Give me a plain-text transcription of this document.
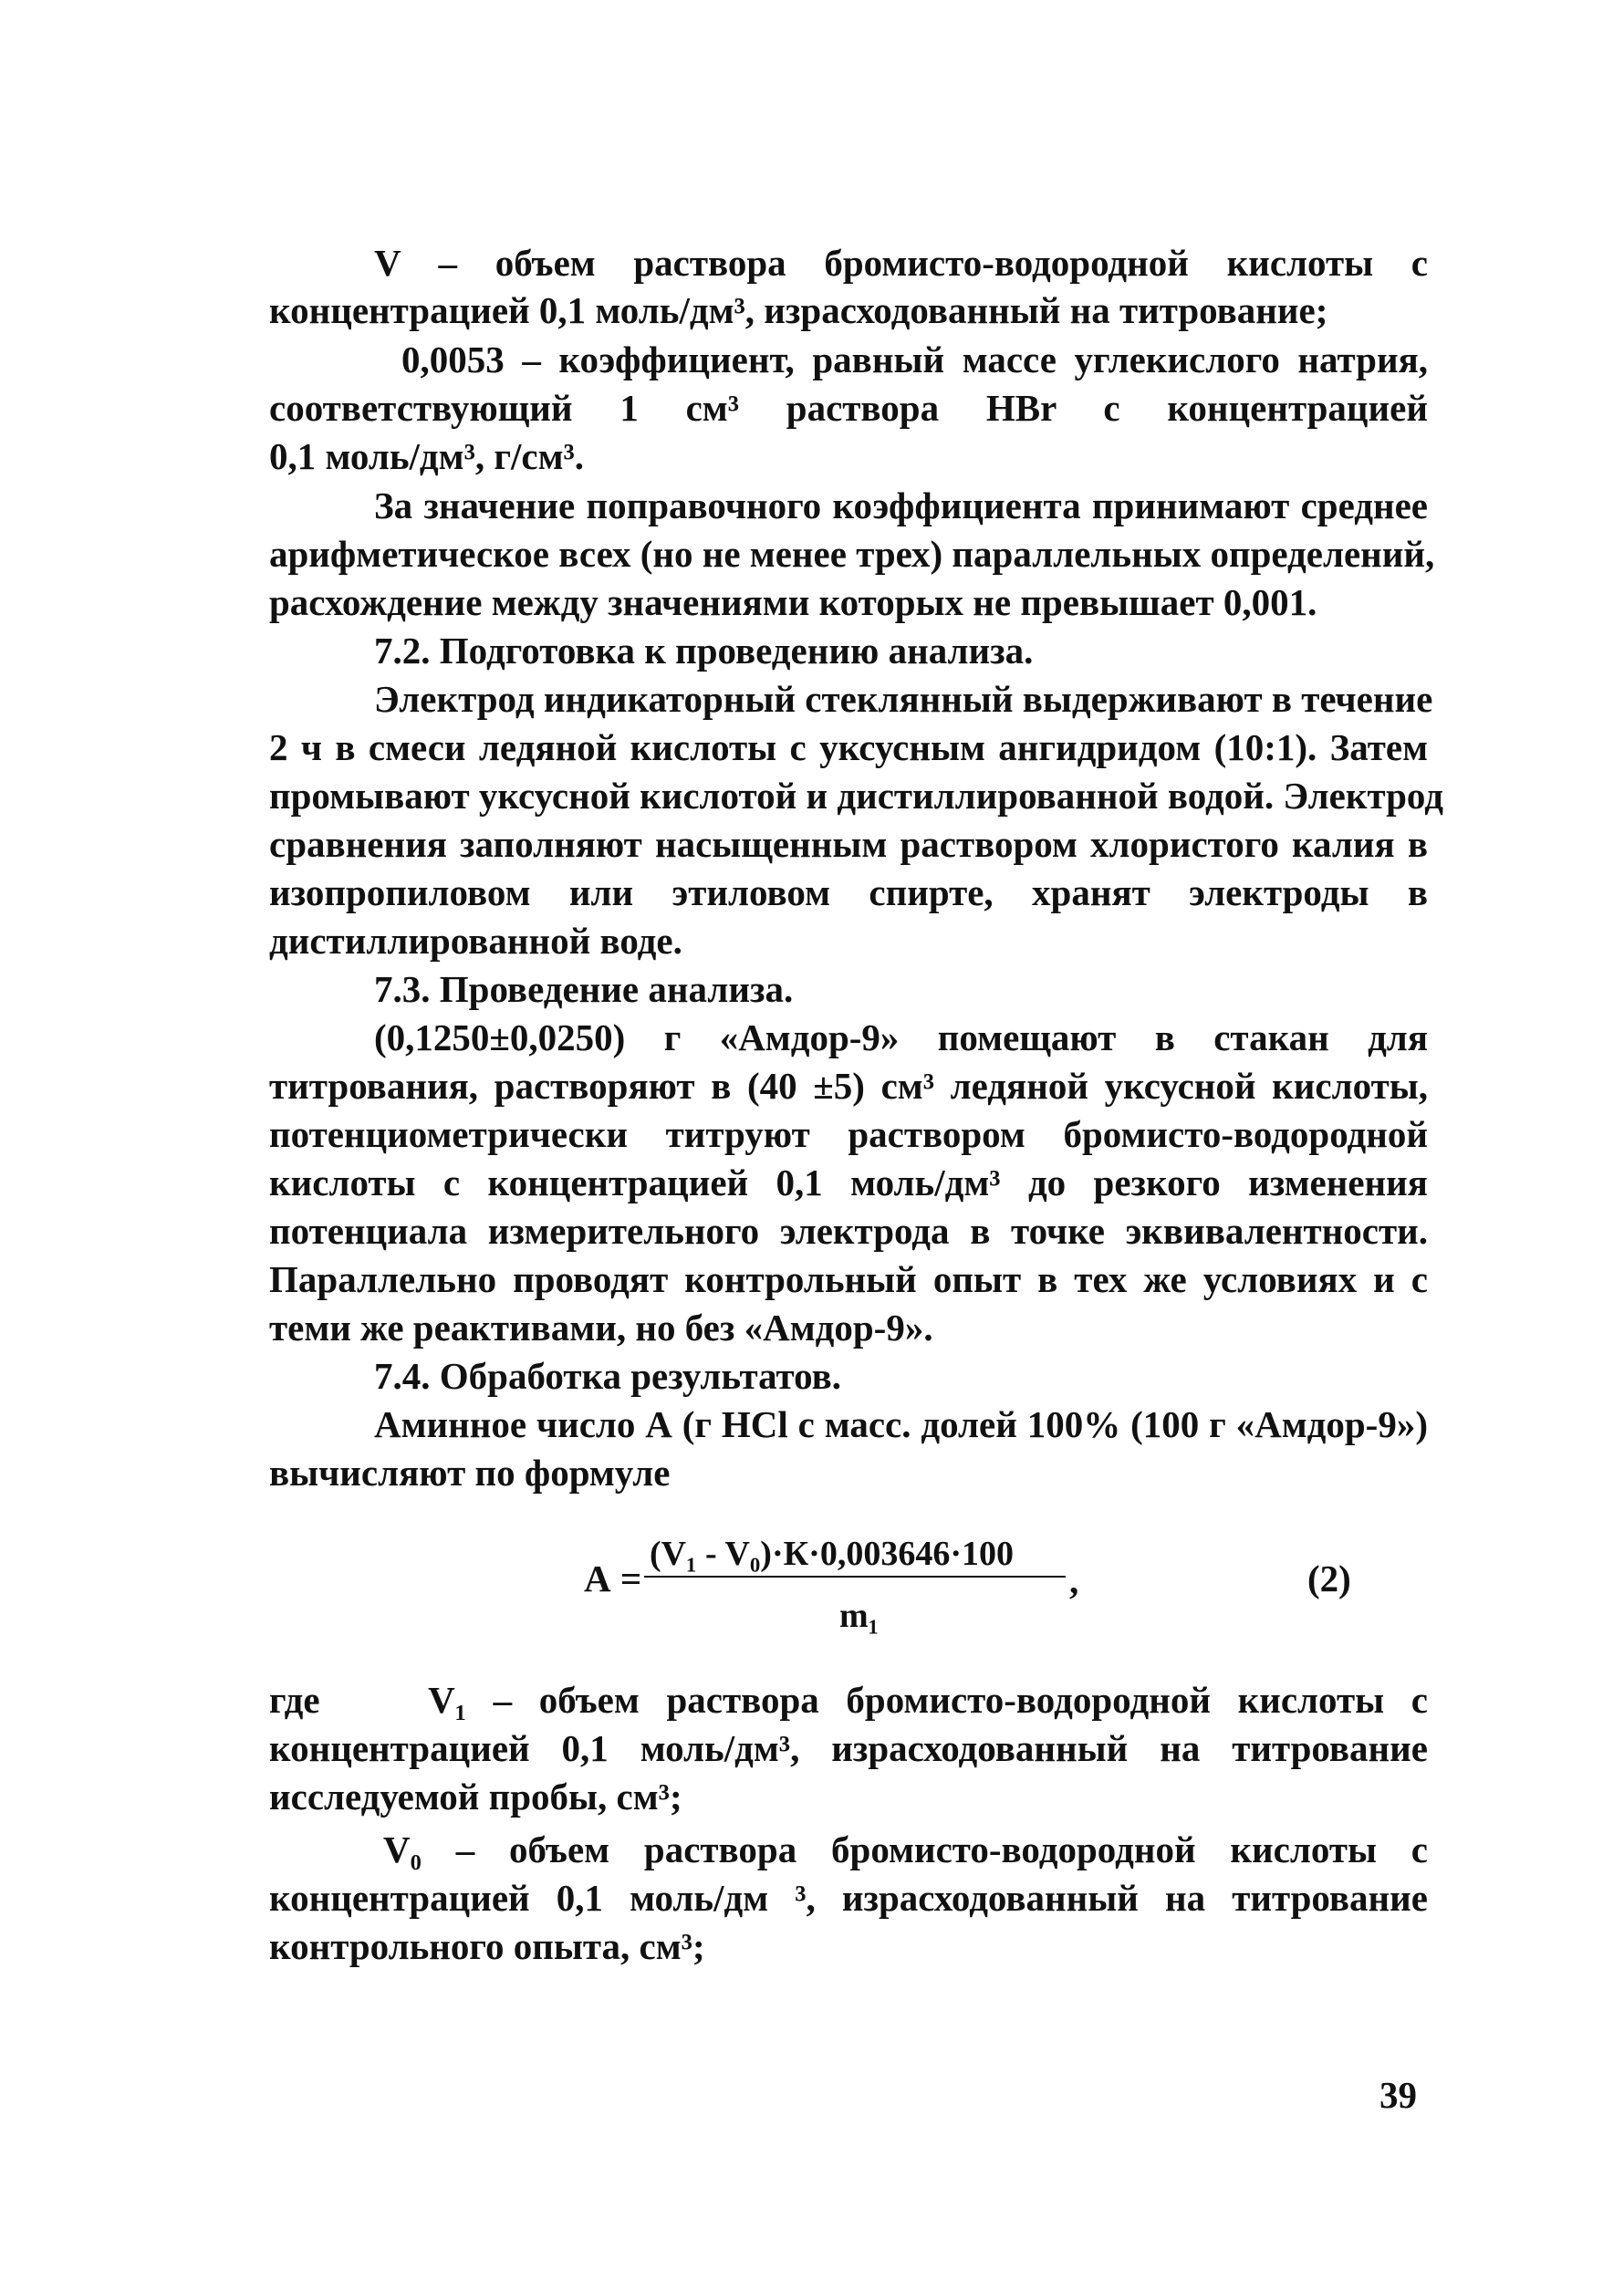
V – объем раствора бромисто-водородной кислоты с
концентрацией 0,1 моль/дм³, израсходованный на титрование;
0,0053 – коэффициент, равный массе углекислого натрия,
соответствующий 1 см³ раствора НВr с концентрацией
0,1 моль/дм³, г/см³.
За значение поправочного коэффициента принимают среднее
арифметическое всех (но не менее трех) параллельных определений,
расхождение между значениями которых не превышает 0,001.
7.2. Подготовка к проведению анализа.
Электрод индикаторный стеклянный выдерживают в течение
2 ч в смеси ледяной кислоты с уксусным ангидридом (10:1). Затем
промывают уксусной кислотой и дистиллированной водой. Электрод
сравнения заполняют насыщенным раствором хлористого калия в
изопропиловом или этиловом спирте, хранят электроды в
дистиллированной воде.
7.3. Проведение анализа.
(0,1250±0,0250) г «Амдор-9» помещают в стакан для
титрования, растворяют в (40 ±5) см³ ледяной уксусной кислоты,
потенциометрически титруют раствором бромисто-водородной
кислоты с концентрацией 0,1 моль/дм³ до резкого изменения
потенциала измерительного электрода в точке эквивалентности.
Параллельно проводят контрольный опыт в тех же условиях и с
теми же реактивами, но без «Амдор-9».
7.4. Обработка результатов.
Аминное число А (г НСl с масс. долей 100% (100 г «Амдор-9»)
вычисляют по формуле
А =
(V₁ - V₀)·К·0,003646·100
m₁
,	(2)
где    V₁ – объем раствора бромисто-водородной кислоты с
концентрацией 0,1 моль/дм³, израсходованный на титрование
исследуемой пробы, см³;
V₀ – объем раствора бромисто-водородной кислоты с
концентрацией 0,1 моль/дм ³, израсходованный на титрование
контрольного опыта, см³;
39
